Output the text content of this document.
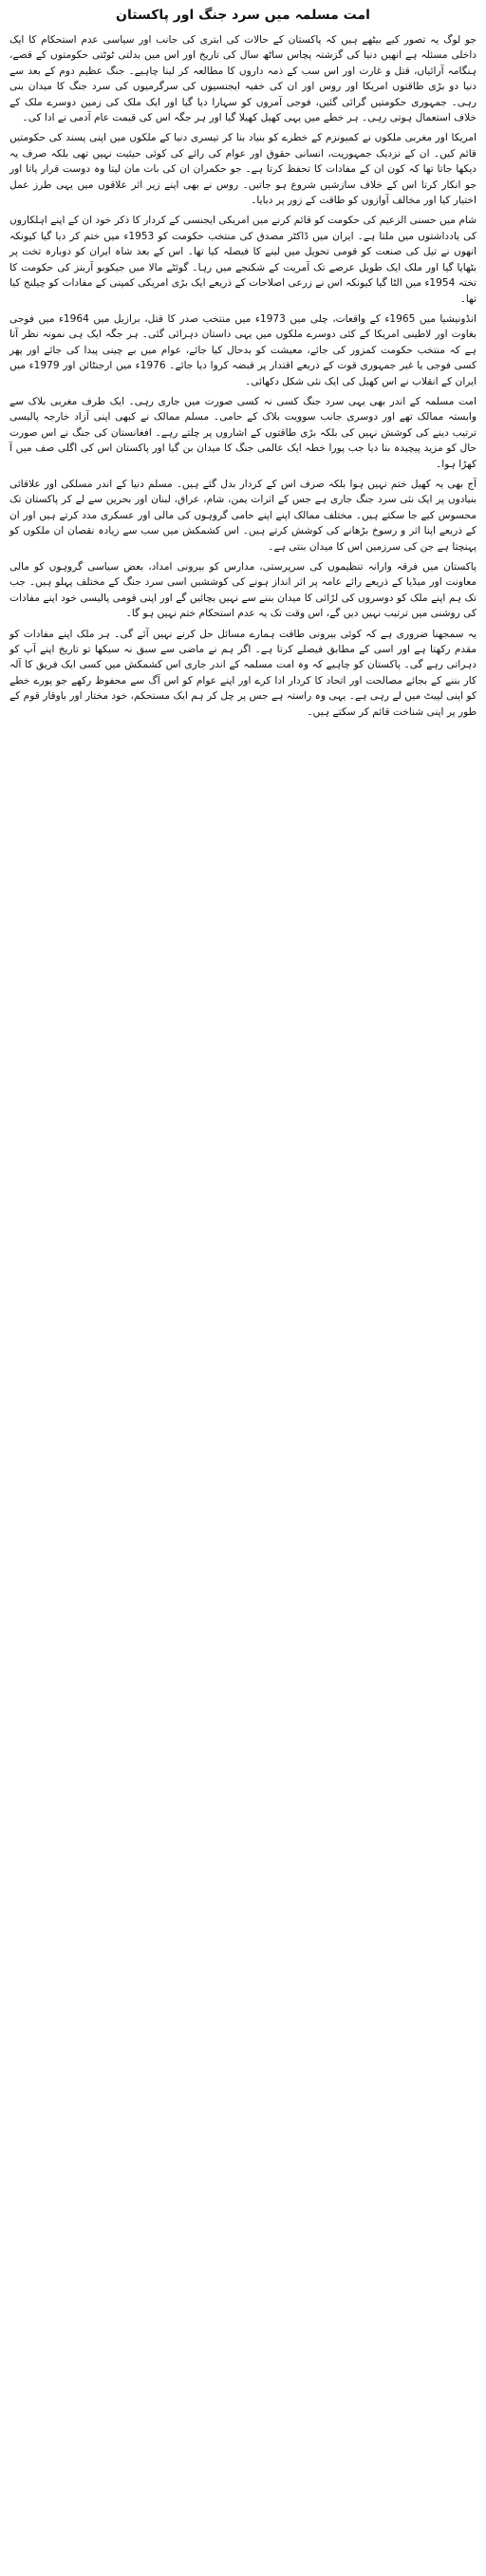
امت مسلمہ میں سرد جنگ اور پاکستان

جو لوگ یہ تصور کیے بیٹھے ہیں کہ پاکستان کے حالات کی ابتری کی جانب اور سیاسی عدم استحکام کا ایک داخلی مسئلہ ہے انھیں دنیا کی گزشتہ پچاس ساٹھ سال کی تاریخ اور اس میں بدلتی ٹوٹتی حکومتوں کے قصے، ہنگامہ آرائیاں، قتل و غارت اور اس سب کے ذمہ داروں کا مطالعہ کر لینا چاہیے۔ جنگ عظیم دوم کے بعد سے دنیا دو بڑی طاقتوں امریکا اور روس اور ان کی خفیہ ایجنسیوں کی سرگرمیوں کی سرد جنگ کا میدان بنی رہی۔ جمہوری حکومتیں گرائی گئیں، فوجی آمروں کو سہارا دیا گیا اور ایک ملک کی زمین دوسرے ملک کے خلاف استعمال ہوتی رہی۔ ہر خطے میں یہی کھیل کھیلا گیا اور ہر جگہ اس کی قیمت عام آدمی نے ادا کی۔

امریکا اور مغربی ملکوں نے کمیونزم کے خطرے کو بنیاد بنا کر تیسری دنیا کے ملکوں میں اپنی پسند کی حکومتیں قائم کیں۔ ان کے نزدیک جمہوریت، انسانی حقوق اور عوام کی رائے کی کوئی حیثیت نہیں تھی بلکہ صرف یہ دیکھا جاتا تھا کہ کون ان کے مفادات کا تحفظ کرتا ہے۔ جو حکمران ان کی بات مان لیتا وہ دوست قرار پاتا اور جو انکار کرتا اس کے خلاف سازشیں شروع ہو جاتیں۔ روس نے بھی اپنے زیر اثر علاقوں میں یہی طرز عمل اختیار کیا اور مخالف آوازوں کو طاقت کے زور پر دبایا۔

شام میں حسنی الزعیم کی حکومت کو قائم کرنے میں امریکی ایجنسی کے کردار کا ذکر خود ان کے اپنے اہلکاروں کی یادداشتوں میں ملتا ہے۔ ایران میں ڈاکٹر مصدق کی منتخب حکومت کو 1953ء میں ختم کر دیا گیا کیونکہ انھوں نے تیل کی صنعت کو قومی تحویل میں لینے کا فیصلہ کیا تھا۔ اس کے بعد شاہ ایران کو دوبارہ تخت پر بٹھایا گیا اور ملک ایک طویل عرصے تک آمریت کے شکنجے میں رہا۔ گوئٹے مالا میں جیکوبو آربنز کی حکومت کا تختہ 1954ء میں الٹا گیا کیونکہ اس نے زرعی اصلاحات کے ذریعے ایک بڑی امریکی کمپنی کے مفادات کو چیلنج کیا تھا۔

انڈونیشیا میں 1965ء کے واقعات، چلی میں 1973ء میں منتخب صدر کا قتل، برازیل میں 1964ء میں فوجی بغاوت اور لاطینی امریکا کے کئی دوسرے ملکوں میں یہی داستان دہرائی گئی۔ ہر جگہ ایک ہی نمونہ نظر آتا ہے کہ منتخب حکومت کمزور کی جائے، معیشت کو بدحال کیا جائے، عوام میں بے چینی پیدا کی جائے اور پھر کسی فوجی یا غیر جمہوری قوت کے ذریعے اقتدار پر قبضہ کروا دیا جائے۔ 1976ء میں ارجنٹائن اور 1979ء میں ایران کے انقلاب نے اس کھیل کی ایک نئی شکل دکھائی۔

امت مسلمہ کے اندر بھی یہی سرد جنگ کسی نہ کسی صورت میں جاری رہی۔ ایک طرف مغربی بلاک سے وابستہ ممالک تھے اور دوسری جانب سوویت بلاک کے حامی۔ مسلم ممالک نے کبھی اپنی آزاد خارجہ پالیسی ترتیب دینے کی کوشش نہیں کی بلکہ بڑی طاقتوں کے اشاروں پر چلتے رہے۔ افغانستان کی جنگ نے اس صورت حال کو مزید پیچیدہ بنا دیا جب پورا خطہ ایک عالمی جنگ کا میدان بن گیا اور پاکستان اس کی اگلی صف میں آ کھڑا ہوا۔

آج بھی یہ کھیل ختم نہیں ہوا بلکہ صرف اس کے کردار بدل گئے ہیں۔ مسلم دنیا کے اندر مسلکی اور علاقائی بنیادوں پر ایک نئی سرد جنگ جاری ہے جس کے اثرات یمن، شام، عراق، لبنان اور بحرین سے لے کر پاکستان تک محسوس کیے جا سکتے ہیں۔ مختلف ممالک اپنے اپنے حامی گروہوں کی مالی اور عسکری مدد کرتے ہیں اور ان کے ذریعے اپنا اثر و رسوخ بڑھانے کی کوشش کرتے ہیں۔ اس کشمکش میں سب سے زیادہ نقصان ان ملکوں کو پہنچتا ہے جن کی سرزمین اس کا میدان بنتی ہے۔

پاکستان میں فرقہ وارانہ تنظیموں کی سرپرستی، مدارس کو بیرونی امداد، بعض سیاسی گروہوں کو مالی معاونت اور میڈیا کے ذریعے رائے عامہ پر اثر انداز ہونے کی کوششیں اسی سرد جنگ کے مختلف پہلو ہیں۔ جب تک ہم اپنے ملک کو دوسروں کی لڑائی کا میدان بننے سے نہیں بچائیں گے اور اپنی قومی پالیسی خود اپنے مفادات کی روشنی میں ترتیب نہیں دیں گے، اس وقت تک یہ عدم استحکام ختم نہیں ہو گا۔

یہ سمجھنا ضروری ہے کہ کوئی بیرونی طاقت ہمارے مسائل حل کرنے نہیں آئے گی۔ ہر ملک اپنے مفادات کو مقدم رکھتا ہے اور اسی کے مطابق فیصلے کرتا ہے۔ اگر ہم نے ماضی سے سبق نہ سیکھا تو تاریخ اپنے آپ کو دہراتی رہے گی۔ پاکستان کو چاہیے کہ وہ امت مسلمہ کے اندر جاری اس کشمکش میں کسی ایک فریق کا آلہ کار بننے کے بجائے مصالحت اور اتحاد کا کردار ادا کرے اور اپنے عوام کو اس آگ سے محفوظ رکھے جو پورے خطے کو اپنی لپیٹ میں لے رہی ہے۔ یہی وہ راستہ ہے جس پر چل کر ہم ایک مستحکم، خود مختار اور باوقار قوم کے طور پر اپنی شناخت قائم کر سکتے ہیں۔
